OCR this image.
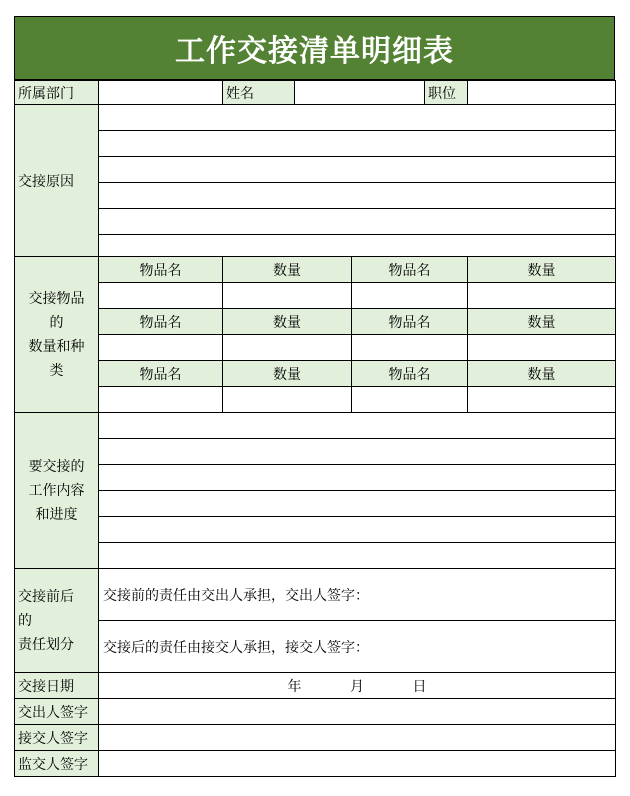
工作交接清单明细表
所属部门		姓名			职位	
交接原因						

交接物品
的
数量和种
类	物品名	数量		物品名		数量

	物品名	数量		物品名		数量

	物品名	数量		物品名		数量

要交接的
工作内容
和进度						

交接前后
的
责任划分	交接前的责任由交出人承担，交出人签字：					
	交接后的责任由接交人承担，接交人签字：					
交接日期	年 月 日					
交出人签字						
接交人签字						
监交人签字						
